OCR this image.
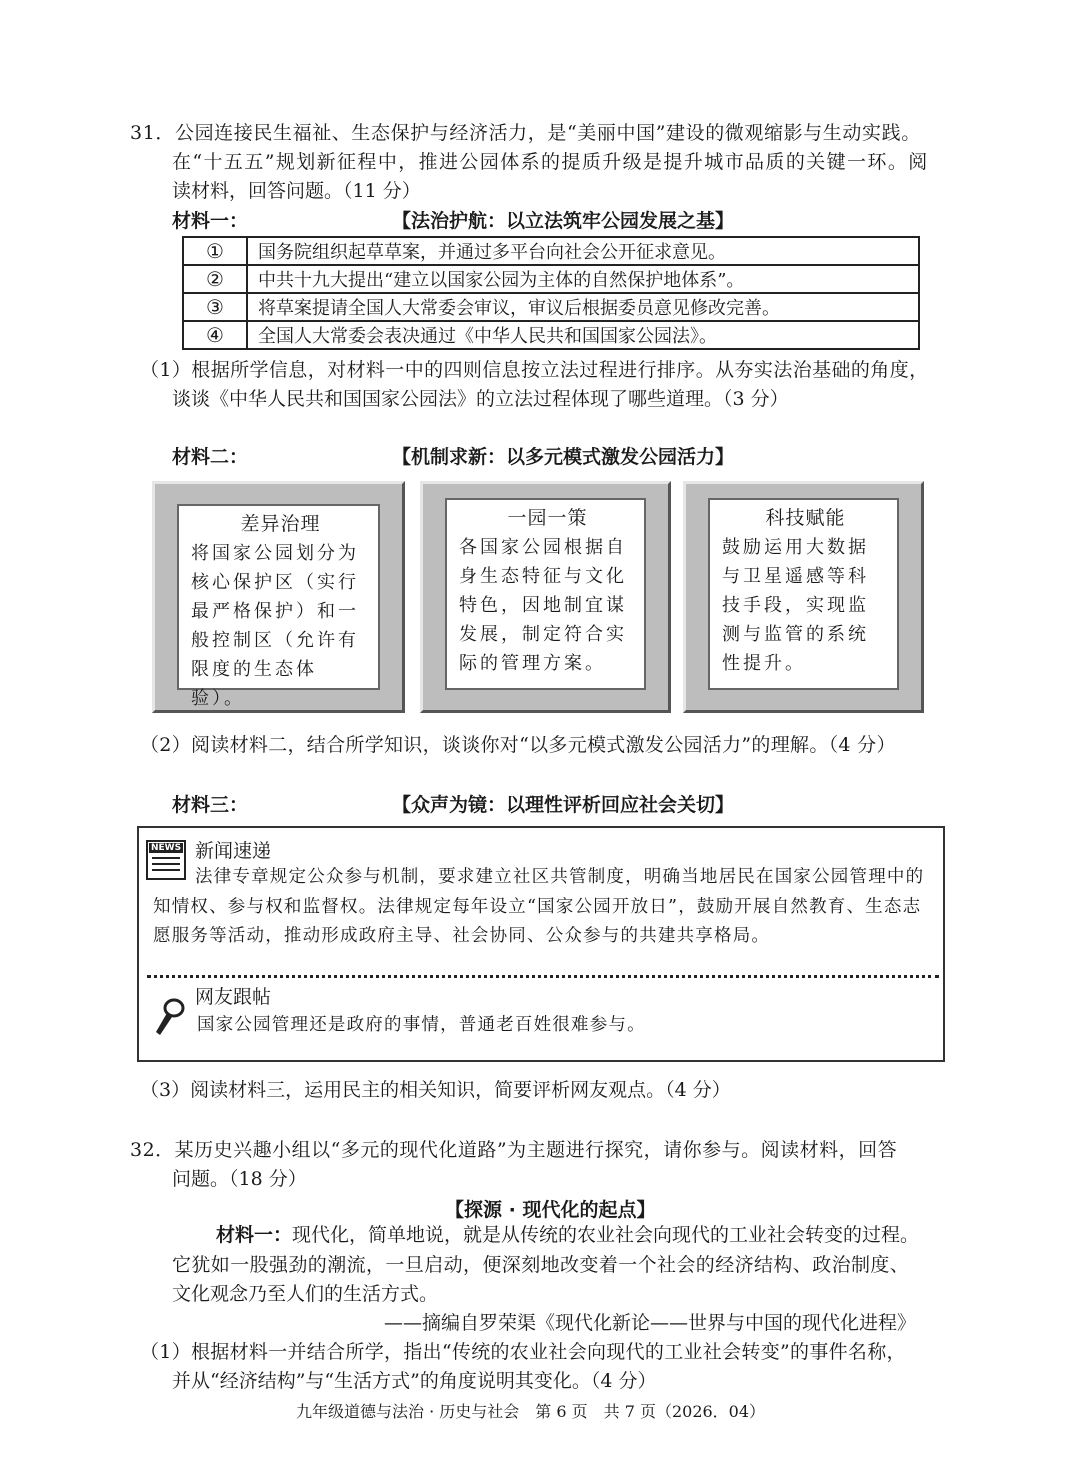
31．公园连接民生福祉、生态保护与经济活力，是“美丽中国”建设的微观缩影与生动实践。
在“十五五”规划新征程中，推进公园体系的提质升级是提升城市品质的关键一环。阅
读材料，回答问题。（11 分）
材料一：	【法治护航：以立法筑牢公园发展之基】
①	国务院组织起草草案，并通过多平台向社会公开征求意见。
②	中共十九大提出“建立以国家公园为主体的自然保护地体系”。
③	将草案提请全国人大常委会审议，审议后根据委员意见修改完善。
④	全国人大常委会表决通过《中华人民共和国国家公园法》。
（1）根据所学信息，对材料一中的四则信息按立法过程进行排序。从夯实法治基础的角度，
谈谈《中华人民共和国国家公园法》的立法过程体现了哪些道理。（3 分）
材料二：	【机制求新：以多元模式激发公园活力】
差异治理
将国家公园划分为核心保护区（实行最严格保护）和一般控制区（允许有限度的生态体验）。
一园一策
各国家公园根据自身生态特征与文化特色，因地制宜谋发展，制定符合实际的管理方案。
科技赋能
鼓励运用大数据与卫星遥感等科技手段，实现监测与监管的系统性提升。
（2）阅读材料二，结合所学知识，谈谈你对“以多元模式激发公园活力”的理解。（4 分）
材料三：	【众声为镜：以理性评析回应社会关切】
NEWS 新闻速递
法律专章规定公众参与机制，要求建立社区共管制度，明确当地居民在国家公园管理中的知情权、参与权和监督权。法律规定每年设立“国家公园开放日”，鼓励开展自然教育、生态志愿服务等活动，推动形成政府主导、社会协同、公众参与的共建共享格局。
网友跟帖
国家公园管理还是政府的事情，普通老百姓很难参与。
（3）阅读材料三，运用民主的相关知识，简要评析网友观点。（4 分）
32．某历史兴趣小组以“多元的现代化道路”为主题进行探究，请你参与。阅读材料，回答
问题。（18 分）
【探源 · 现代化的起点】
材料一：现代化，简单地说，就是从传统的农业社会向现代的工业社会转变的过程。
它犹如一股强劲的潮流，一旦启动，便深刻地改变着一个社会的经济结构、政治制度、
文化观念乃至人们的生活方式。
——摘编自罗荣渠《现代化新论——世界与中国的现代化进程》
（1）根据材料一并结合所学，指出“传统的农业社会向现代的工业社会转变”的事件名称，
并从“经济结构”与“生活方式”的角度说明其变化。（4 分）
九年级道德与法治 · 历史与社会　第 6 页　共 7 页（2026．04）
